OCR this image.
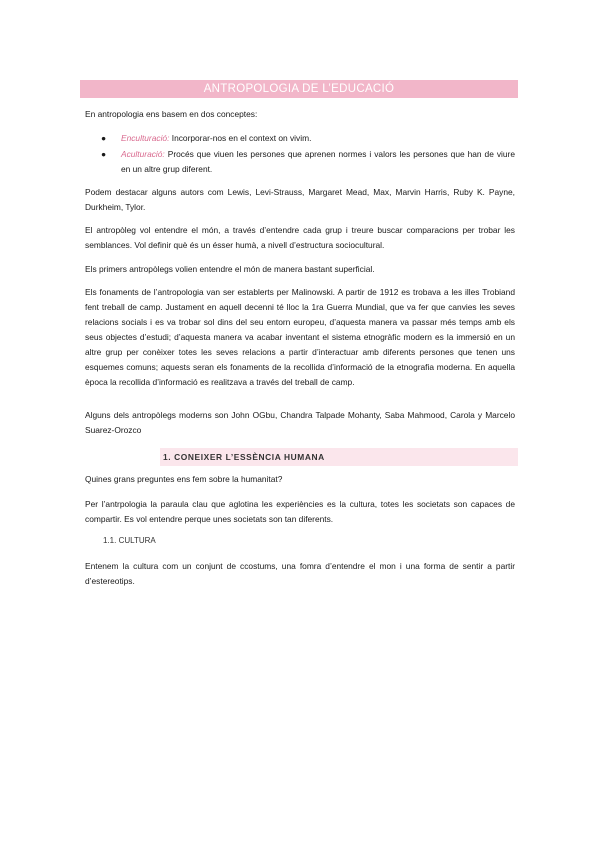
ANTROPOLOGIA DE L’EDUCACIÓ
En antropologia ens basem en dos conceptes:
● Enculturació: Incorporar-nos en el context on vivim.
● Aculturació: Procés que viuen les persones que aprenen normes i valors les persones que han de viure en un altre grup diferent.
Podem destacar alguns autors com Lewis, Levi-Strauss, Margaret Mead, Max, Marvin Harris, Ruby K. Payne, Durkheim, Tylor.
El antropòleg vol entendre el món, a través d’entendre cada grup i treure buscar comparacions per trobar les semblances. Vol definir què és un ésser humà, a nivell d’estructura sociocultural.
Els primers antropòlegs volien entendre el món de manera bastant superficial.
Els fonaments de l’antropologia van ser establerts per Malinowski. A partir de 1912 es trobava a les illes Trobiand fent treball de camp. Justament en aquell decenni té lloc la 1ra Guerra Mundial, que va fer que canvies les seves relacions socials i es va trobar sol dins del seu entorn europeu, d’aquesta manera va passar més temps amb els seus objectes d’estudi; d’aquesta manera va acabar inventant el sistema etnogràfic modern es la immersió en un altre grup per conèixer totes les seves relacions a partir d’interactuar amb diferents persones que tenen uns esquemes comuns; aquests seran els fonaments de la recollida d’informació de la etnografia moderna. En aquella època la recollida d’informació es realitzava a través del treball de camp.
Alguns dels antropòlegs moderns son John OGbu, Chandra Talpade Mohanty, Saba Mahmood, Carola y Marcelo Suarez-Orozco
1. CONEIXER L’ESSÈNCIA HUMANA
Quines grans preguntes ens fem sobre la humanitat?
Per l’antrpologia la paraula clau que aglotina les experiències es la cultura, totes les societats son capaces de compartir. Es vol entendre perque unes societats son tan diferents.
1.1. CULTURA
Entenem la cultura com un conjunt de ccostums, una fomra d’entendre el mon i una forma de sentir a partir d’estereotips.
